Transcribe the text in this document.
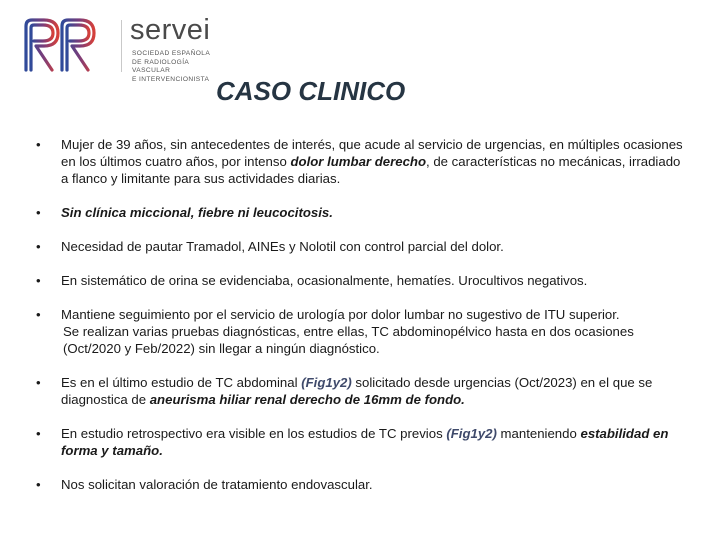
servei
SOCIEDAD ESPAÑOLA
DE RADIOLOGÍA
VASCULAR
E INTERVENCIONISTA CASO CLINICO
• Mujer de 39 años, sin antecedentes de interés, que acude al servicio de urgencias, en múltiples ocasiones en los últimos cuatro años, por intenso dolor lumbar derecho, de características no mecánicas, irradiado a flanco y limitante para sus actividades diarias.
• Sin clínica miccional, fiebre ni leucocitosis.
• Necesidad de pautar Tramadol, AINEs y Nolotil con control parcial del dolor.
• En sistemático de orina se evidenciaba, ocasionalmente, hematíes. Urocultivos negativos.
• Mantiene seguimiento por el servicio de urología por dolor lumbar no sugestivo de ITU superior.
Se realizan varias pruebas diagnósticas, entre ellas, TC abdominopélvico hasta en dos ocasiones (Oct/2020 y Feb/2022) sin llegar a ningún diagnóstico.
• Es en el último estudio de TC abdominal (Fig1y2) solicitado desde urgencias (Oct/2023) en el que se diagnostica de aneurisma hiliar renal derecho de 16mm de fondo.
• En estudio retrospectivo era visible en los estudios de TC previos (Fig1y2) manteniendo estabilidad en forma y tamaño.
• Nos solicitan valoración de tratamiento endovascular.
